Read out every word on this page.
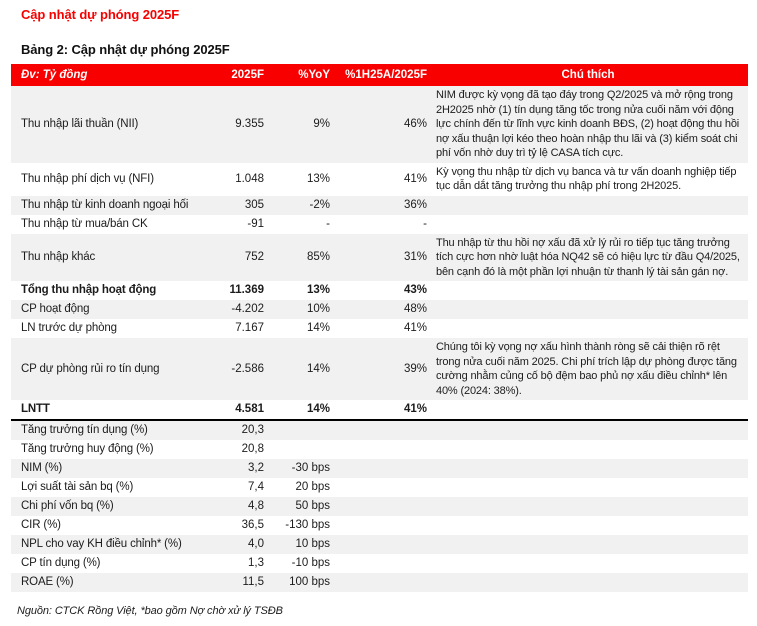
Cập nhật dự phóng 2025F
Bảng 2: Cập nhật dự phóng 2025F
Đv: Tỷ đồng	2025F	%YoY	%1H25A/2025F	Chú thích
Thu nhập lãi thuần (NII)	9.355	9%	46%	NIM được kỳ vọng đã tạo đáy trong Q2/2025 và mở rộng trong 2H2025 nhờ (1) tín dụng tăng tốc trong nửa cuối năm với động lực chính đến từ lĩnh vực kinh doanh BĐS, (2) hoạt động thu hồi nợ xấu thuận lợi kéo theo hoàn nhập thu lãi và (3) kiểm soát chi phí vốn nhờ duy trì tỷ lệ CASA tích cực.
Thu nhập phí dịch vụ (NFI)	1.048	13%	41%	Kỳ vọng thu nhập từ dịch vụ banca và tư vấn doanh nghiệp tiếp tục dẫn dắt tăng trưởng thu nhập phí trong 2H2025.
Thu nhập từ kinh doanh ngoại hối	305	-2%	36%	
Thu nhập từ mua/bán CK	-91	-	-	
Thu nhập khác	752	85%	31%	Thu nhập từ thu hồi nợ xấu đã xử lý rủi ro tiếp tục tăng trưởng tích cực hơn nhờ luật hóa NQ42 sẽ có hiệu lực từ đầu Q4/2025, bên cạnh đó là một phần lợi nhuận từ thanh lý tài sản gán nợ.
Tổng thu nhập hoạt động	11.369	13%	43%	
CP hoạt động	-4.202	10%	48%	
LN trước dự phòng	7.167	14%	41%	
CP dự phòng rủi ro tín dụng	-2.586	14%	39%	Chúng tôi kỳ vọng nợ xấu hình thành ròng sẽ cải thiện rõ rệt trong nửa cuối năm 2025. Chi phí trích lập dự phòng được tăng cường nhằm củng cố bộ đệm bao phủ nợ xấu điều chỉnh* lên 40% (2024: 38%).
LNTT	4.581	14%	41%	
Tăng trưởng tín dụng (%)	20,3			
Tăng trưởng huy động (%)	20,8			
NIM (%)	3,2	-30 bps		
Lợi suất tài sản bq (%)	7,4	20 bps		
Chi phí vốn bq (%)	4,8	50 bps		
CIR (%)	36,5	-130 bps		
NPL cho vay KH điều chỉnh* (%)	4,0	10 bps		
CP tín dụng (%)	1,3	-10 bps		
ROAE (%)	11,5	100 bps		
Nguồn: CTCK Rồng Việt, *bao gồm Nợ chờ xử lý TSĐB
